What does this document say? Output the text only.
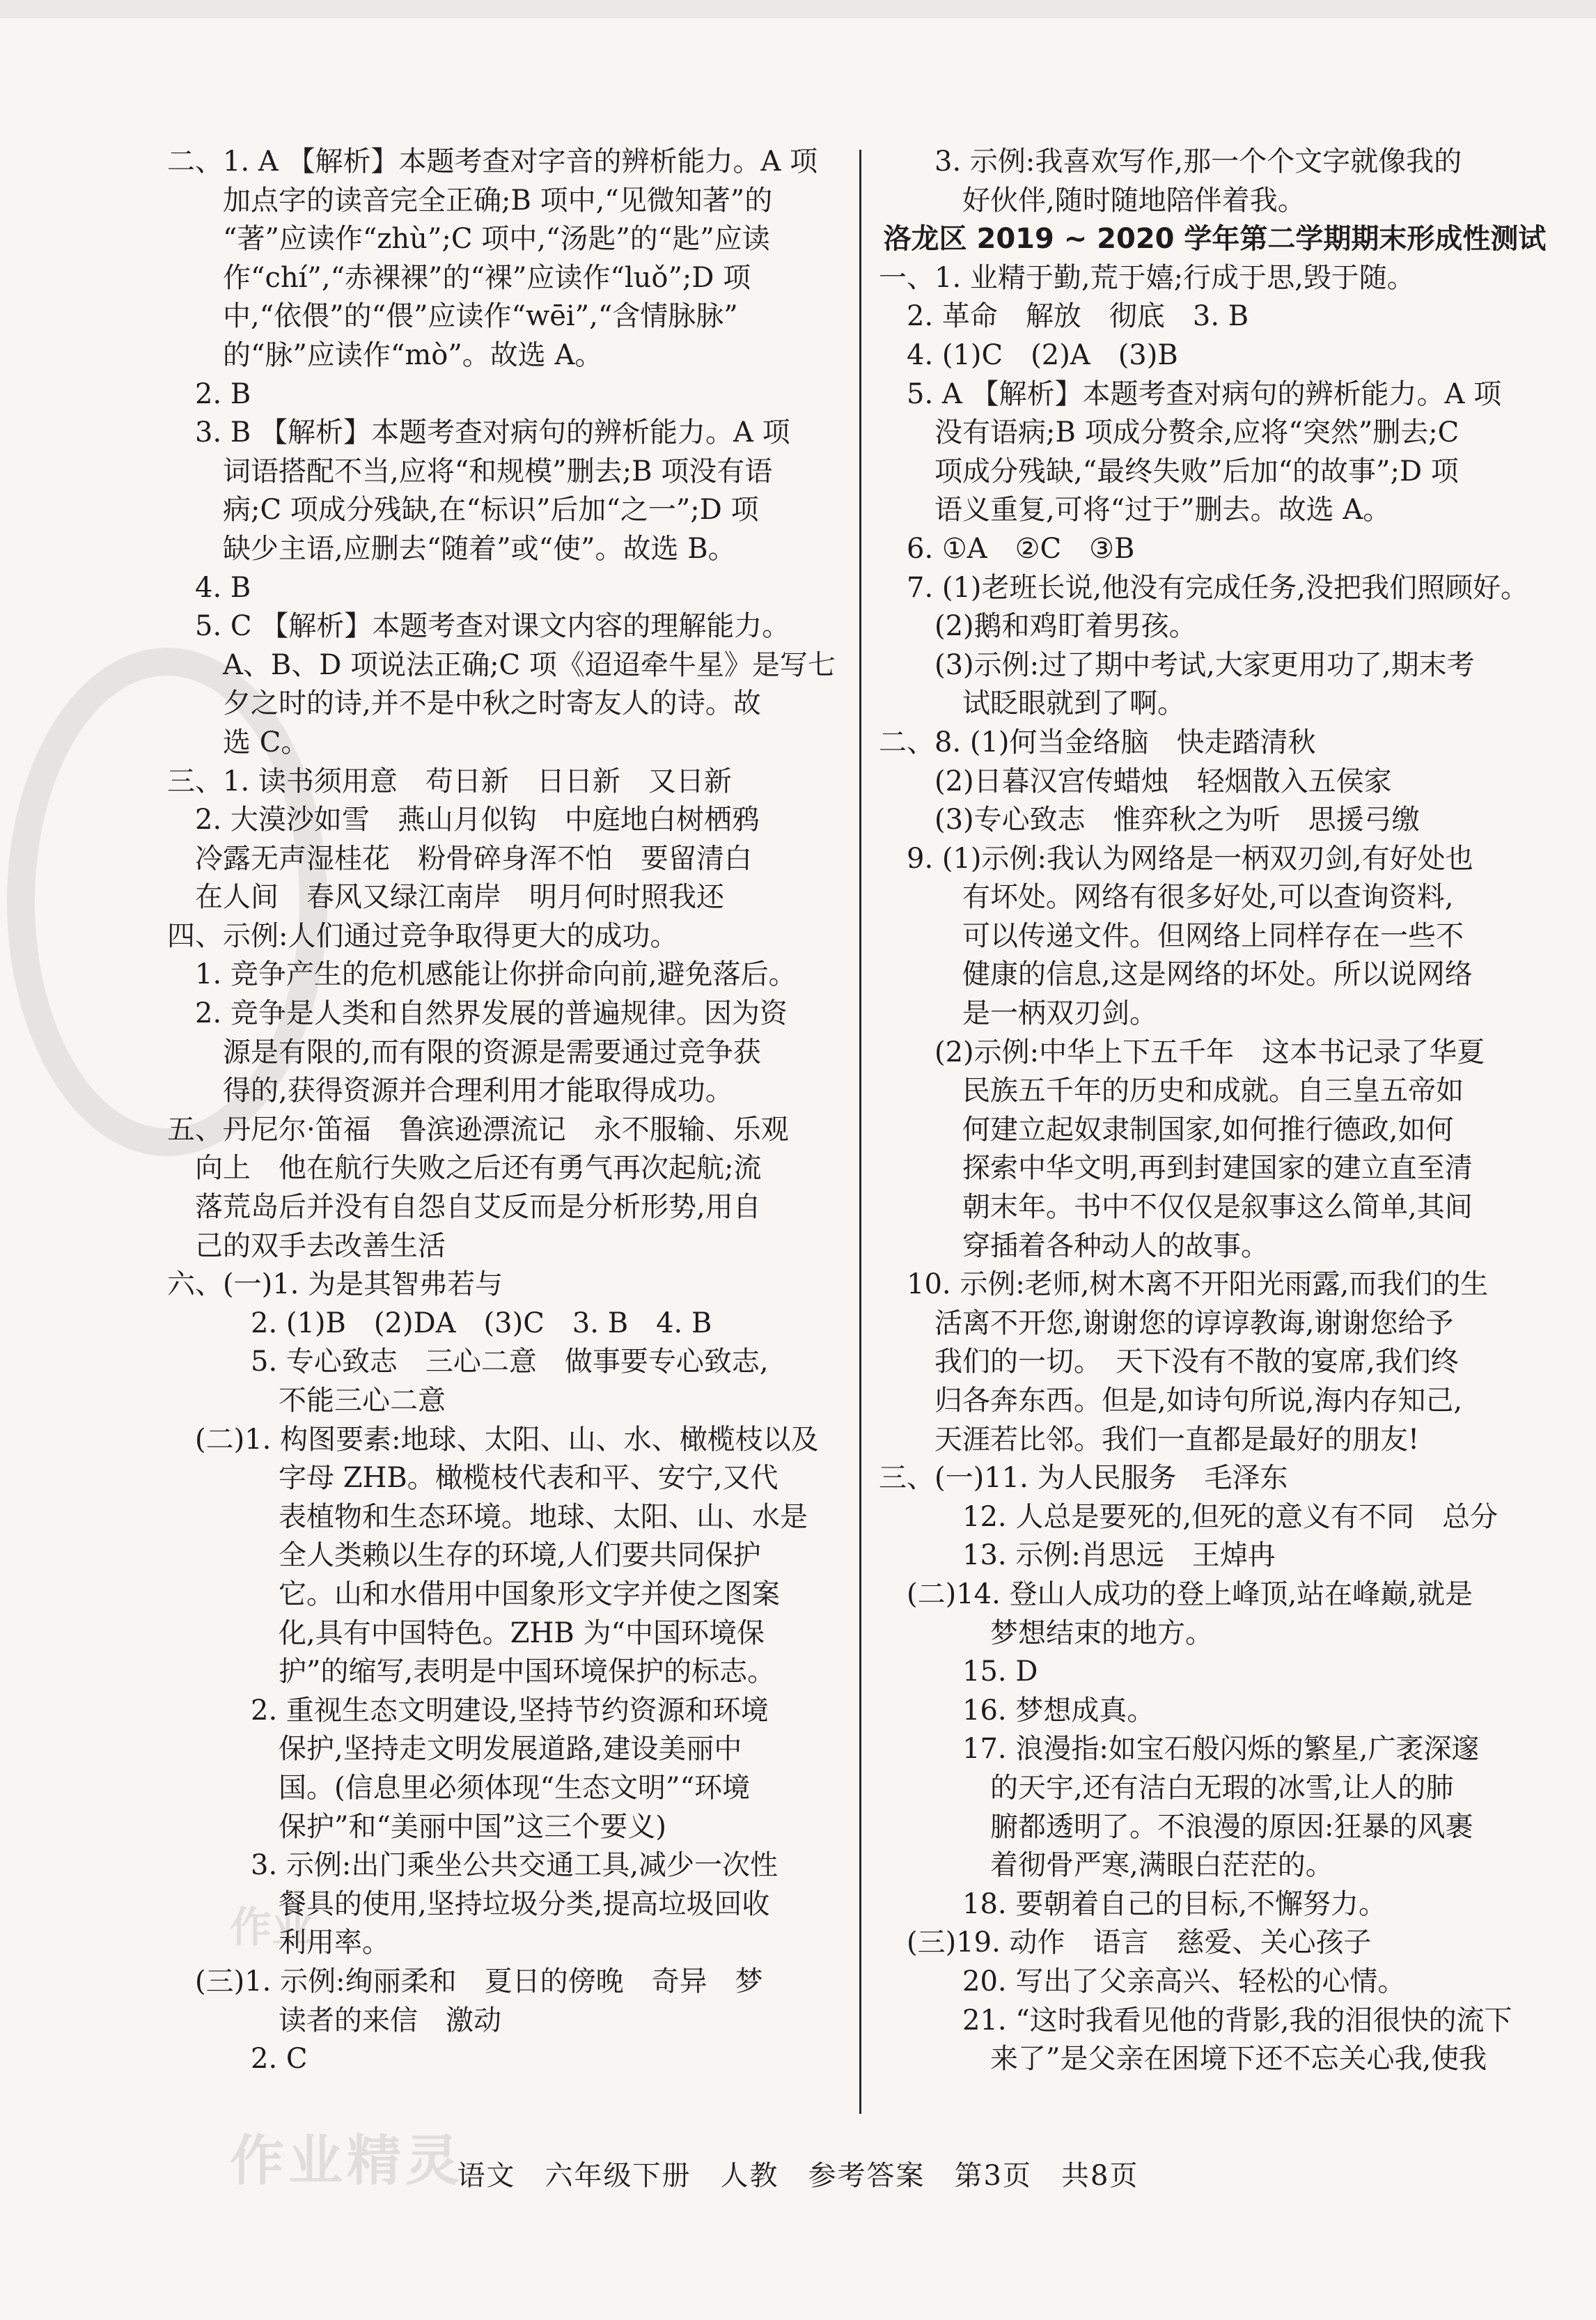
作业
作业精灵
二、1. A 【解析】本题考查对字音的辨析能力。A 项
加点字的读音完全正确;B 项中,“见微知著”的
“著”应读作“zhù”;C 项中,“汤匙”的“匙”应读
作“chí”,“赤裸裸”的“裸”应读作“luǒ”;D 项
中,“依偎”的“偎”应读作“wēi”,“含情脉脉”
的“脉”应读作“mò”。故选 A。
2. B
3. B 【解析】本题考查对病句的辨析能力。A 项
词语搭配不当,应将“和规模”删去;B 项没有语
病;C 项成分残缺,在“标识”后加“之一”;D 项
缺少主语,应删去“随着”或“使”。故选 B。
4. B
5. C 【解析】本题考查对课文内容的理解能力。
A、B、D 项说法正确;C 项《迢迢牵牛星》是写七
夕之时的诗,并不是中秋之时寄友人的诗。故
选 C。
三、1. 读书须用意　苟日新　日日新　又日新
2. 大漠沙如雪　燕山月似钩　中庭地白树栖鸦
冷露无声湿桂花　粉骨碎身浑不怕　要留清白
在人间　春风又绿江南岸　明月何时照我还
四、示例:人们通过竞争取得更大的成功。
1. 竞争产生的危机感能让你拼命向前,避免落后。
2. 竞争是人类和自然界发展的普遍规律。因为资
源是有限的,而有限的资源是需要通过竞争获
得的,获得资源并合理利用才能取得成功。
五、丹尼尔·笛福　鲁滨逊漂流记　永不服输、乐观
向上　他在航行失败之后还有勇气再次起航;流
落荒岛后并没有自怨自艾反而是分析形势,用自
己的双手去改善生活
六、(一)1. 为是其智弗若与
2. (1)B　(2)DA　(3)C　3. B　4. B
5. 专心致志　三心二意　做事要专心致志,
不能三心二意
(二)1. 构图要素:地球、太阳、山、水、橄榄枝以及
字母 ZHB。橄榄枝代表和平、安宁,又代
表植物和生态环境。地球、太阳、山、水是
全人类赖以生存的环境,人们要共同保护
它。山和水借用中国象形文字并使之图案
化,具有中国特色。ZHB 为“中国环境保
护”的缩写,表明是中国环境保护的标志。
2. 重视生态文明建设,坚持节约资源和环境
保护,坚持走文明发展道路,建设美丽中
国。(信息里必须体现“生态文明”“环境
保护”和“美丽中国”这三个要义)
3. 示例:出门乘坐公共交通工具,减少一次性
餐具的使用,坚持垃圾分类,提高垃圾回收
利用率。
(三)1. 示例:绚丽柔和　夏日的傍晚　奇异　梦
读者的来信　激动
2. C
3. 示例:我喜欢写作,那一个个文字就像我的
好伙伴,随时随地陪伴着我。
洛龙区 2019 ~ 2020 学年第二学期期末形成性测试
一、1. 业精于勤,荒于嬉;行成于思,毁于随。
2. 革命　解放　彻底　3. B
4. (1)C　(2)A　(3)B
5. A 【解析】本题考查对病句的辨析能力。A 项
没有语病;B 项成分赘余,应将“突然”删去;C
项成分残缺,“最终失败”后加“的故事”;D 项
语义重复,可将“过于”删去。故选 A。
6. ①A　②C　③B
7. (1)老班长说,他没有完成任务,没把我们照顾好。
(2)鹅和鸡盯着男孩。
(3)示例:过了期中考试,大家更用功了,期末考
试眨眼就到了啊。
二、8. (1)何当金络脑　快走踏清秋
(2)日暮汉宫传蜡烛　轻烟散入五侯家
(3)专心致志　惟弈秋之为听　思援弓缴
9. (1)示例:我认为网络是一柄双刃剑,有好处也
有坏处。网络有很多好处,可以查询资料,
可以传递文件。但网络上同样存在一些不
健康的信息,这是网络的坏处。所以说网络
是一柄双刃剑。
(2)示例:中华上下五千年　这本书记录了华夏
民族五千年的历史和成就。自三皇五帝如
何建立起奴隶制国家,如何推行德政,如何
探索中华文明,再到封建国家的建立直至清
朝末年。书中不仅仅是叙事这么简单,其间
穿插着各种动人的故事。
10. 示例:老师,树木离不开阳光雨露,而我们的生
活离不开您,谢谢您的谆谆教诲,谢谢您给予
我们的一切。　天下没有不散的宴席,我们终
归各奔东西。但是,如诗句所说,海内存知己,
天涯若比邻。我们一直都是最好的朋友!
三、(一)11. 为人民服务　毛泽东
12. 人总是要死的,但死的意义有不同　总分
13. 示例:肖思远　王焯冉
(二)14. 登山人成功的登上峰顶,站在峰巅,就是
梦想结束的地方。
15. D
16. 梦想成真。
17. 浪漫指:如宝石般闪烁的繁星,广袤深邃
的天宇,还有洁白无瑕的冰雪,让人的肺
腑都透明了。不浪漫的原因:狂暴的风裹
着彻骨严寒,满眼白茫茫的。
18. 要朝着自己的目标,不懈努力。
(三)19. 动作　语言　慈爱、关心孩子
20. 写出了父亲高兴、轻松的心情。
21. “这时我看见他的背影,我的泪很快的流下
来了”是父亲在困境下还不忘关心我,使我
语文　六年级下册　人教　参考答案　第3页　共8页
